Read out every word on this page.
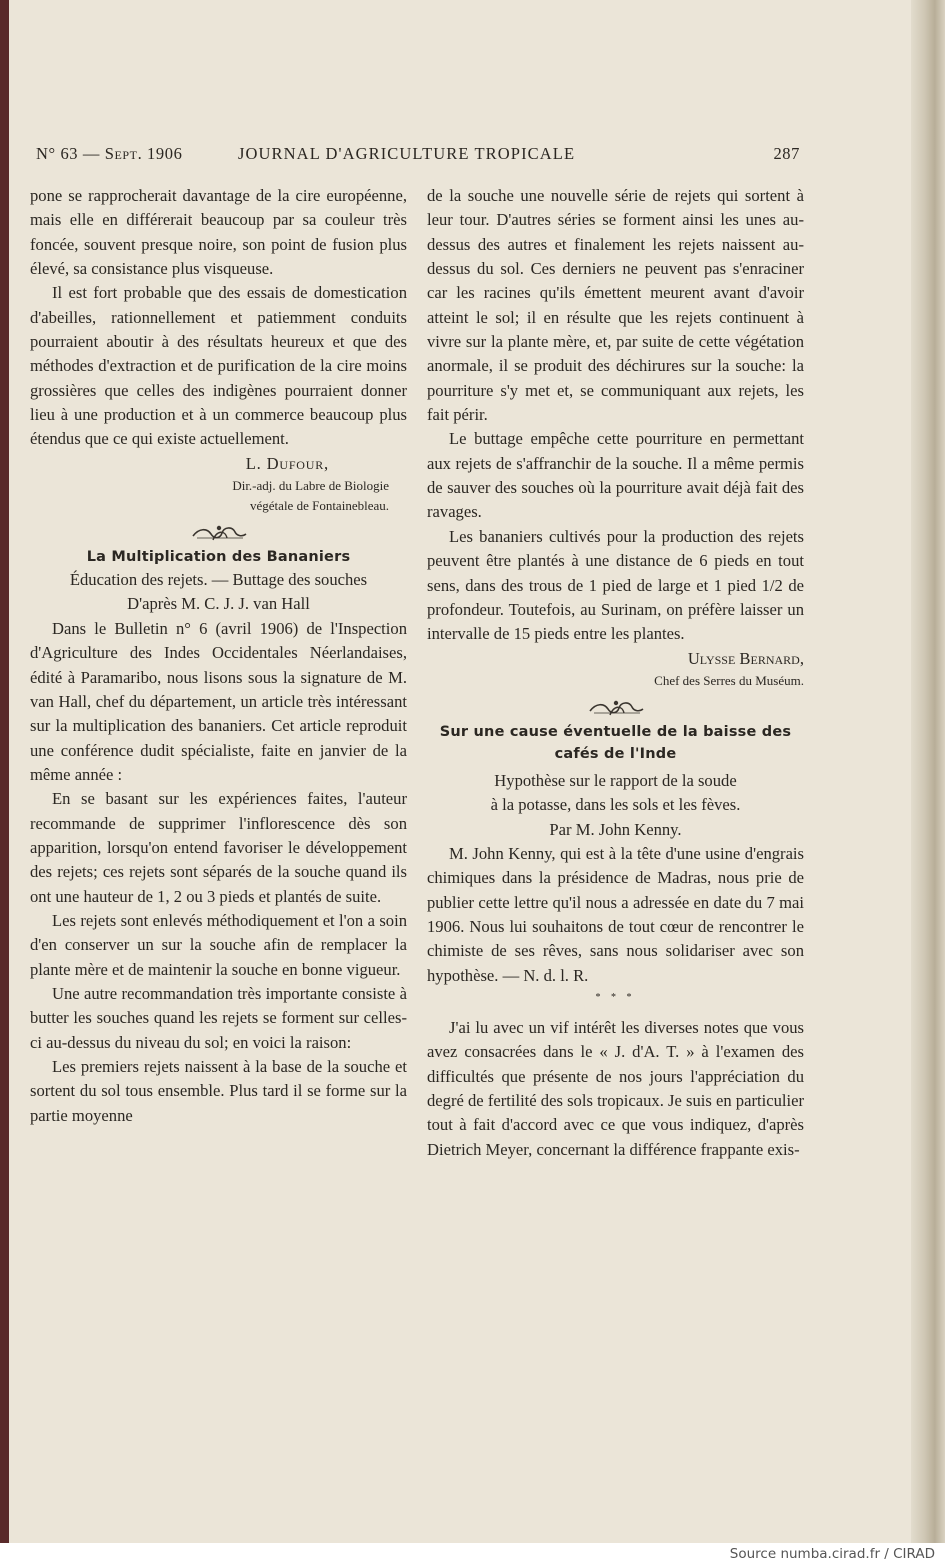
N° 63 — Sept. 1906	JOURNAL D'AGRICULTURE TROPICALE	287

pone se rapprocherait davantage de la cire européenne, mais elle en différerait beaucoup par sa couleur très foncée, souvent presque noire, son point de fusion plus élevé, sa consistance plus visqueuse.

Il est fort probable que des essais de domestication d'abeilles, rationnellement et patiemment conduits pourraient aboutir à des résultats heureux et que des méthodes d'extraction et de purification de la cire moins grossières que celles des indigènes pourraient donner lieu à une production et à un commerce beaucoup plus étendus que ce qui existe actuellement.

L. Dufour,

Dir.-adj. du Labre de Biologie

végétale de Fontainebleau.

La Multiplication des Bananiers

Éducation des rejets. — Buttage des souches

D'après M. C. J. J. van Hall

Dans le Bulletin n° 6 (avril 1906) de l'Inspection d'Agriculture des Indes Occidentales Néerlandaises, édité à Paramaribo, nous lisons sous la signature de M. van Hall, chef du département, un article très intéressant sur la multiplication des bananiers. Cet article reproduit une conférence dudit spécialiste, faite en janvier de la même année :

En se basant sur les expériences faites, l'auteur recommande de supprimer l'inflorescence dès son apparition, lorsqu'on entend favoriser le développement des rejets; ces rejets sont séparés de la souche quand ils ont une hauteur de 1, 2 ou 3 pieds et plantés de suite.

Les rejets sont enlevés méthodiquement et l'on a soin d'en conserver un sur la souche afin de remplacer la plante mère et de maintenir la souche en bonne vigueur.

Une autre recommandation très importante consiste à butter les souches quand les rejets se forment sur celles-ci au-dessus du niveau du sol; en voici la raison:

Les premiers rejets naissent à la base de la souche et sortent du sol tous ensemble. Plus tard il se forme sur la partie moyenne

de la souche une nouvelle série de rejets qui sortent à leur tour. D'autres séries se forment ainsi les unes au-dessus des autres et finalement les rejets naissent au-dessus du sol. Ces derniers ne peuvent pas s'enraciner car les racines qu'ils émettent meurent avant d'avoir atteint le sol; il en résulte que les rejets continuent à vivre sur la plante mère, et, par suite de cette végétation anormale, il se produit des déchirures sur la souche: la pourriture s'y met et, se communiquant aux rejets, les fait périr.

Le buttage empêche cette pourriture en permettant aux rejets de s'affranchir de la souche. Il a même permis de sauver des souches où la pourriture avait déjà fait des ravages.

Les bananiers cultivés pour la production des rejets peuvent être plantés à une distance de 6 pieds en tout sens, dans des trous de 1 pied de large et 1 pied 1/2 de profondeur. Toutefois, au Surinam, on préfère laisser un intervalle de 15 pieds entre les plantes.

Ulysse Bernard,

Chef des Serres du Muséum.

Sur une cause éventuelle de la baisse des
cafés de l'Inde

Hypothèse sur le rapport de la soude

à la potasse, dans les sols et les fèves.

Par M. John Kenny.

M. John Kenny, qui est à la tête d'une usine d'engrais chimiques dans la présidence de Madras, nous prie de publier cette lettre qu'il nous a adressée en date du 7 mai 1906. Nous lui souhaitons de tout cœur de rencontrer le chimiste de ses rêves, sans nous solidariser avec son hypothèse. — N. d. l. R.

* * *

J'ai lu avec un vif intérêt les diverses notes que vous avez consacrées dans le « J. d'A. T. » à l'examen des difficultés que présente de nos jours l'appréciation du degré de fertilité des sols tropicaux. Je suis en particulier tout à fait d'accord avec ce que vous indiquez, d'après Dietrich Meyer, concernant la différence frappante exis-

Source numba.cirad.fr / CIRAD
